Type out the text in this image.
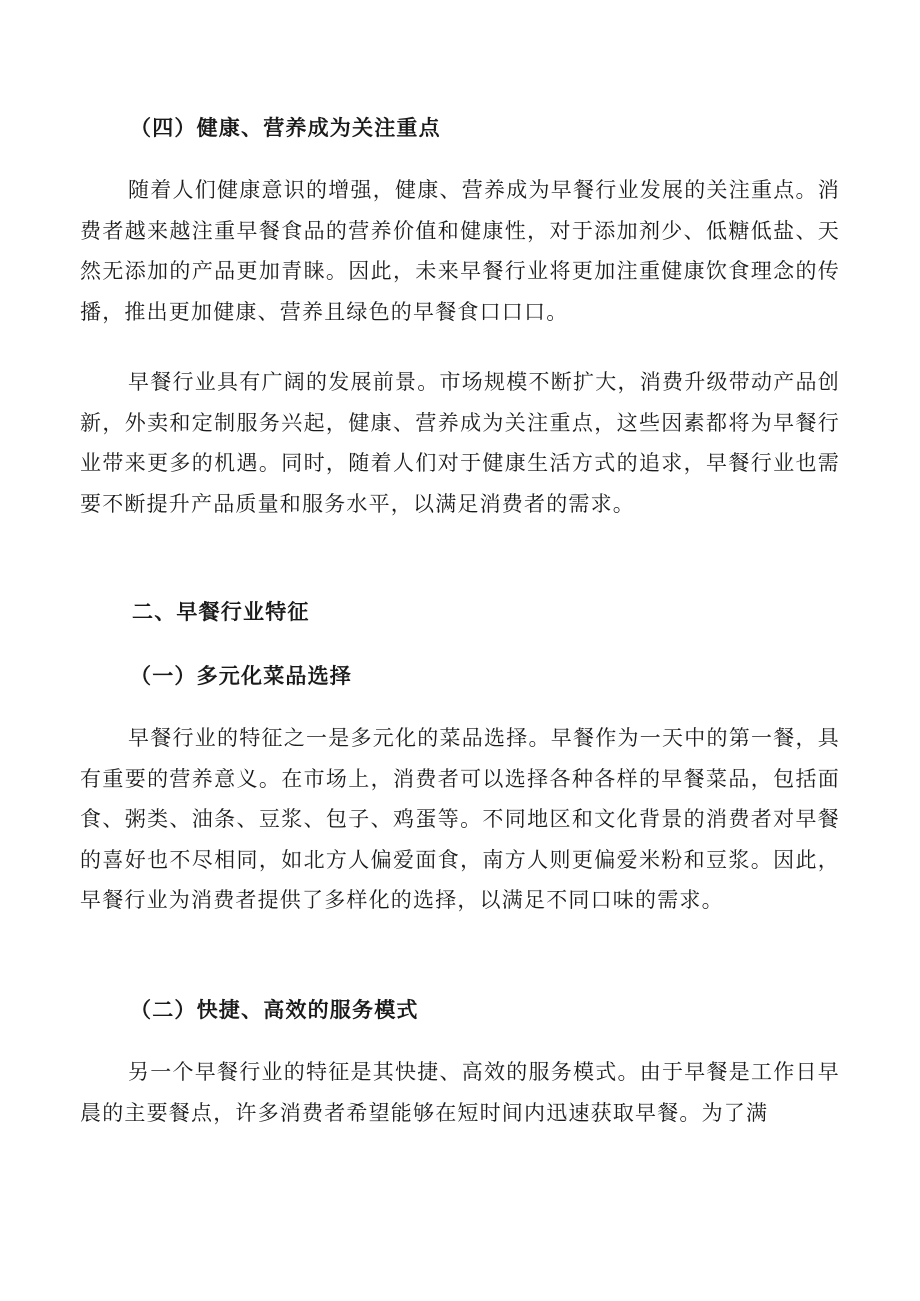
（四）健康、营养成为关注重点

随着人们健康意识的增强，健康、营养成为早餐行业发展的关注重点。消费者越来越注重早餐食品的营养价值和健康性，对于添加剂少、低糖低盐、天然无添加的产品更加青睐。因此，未来早餐行业将更加注重健康饮食理念的传播，推出更加健康、营养且绿色的早餐食口口口。

早餐行业具有广阔的发展前景。市场规模不断扩大，消费升级带动产品创新，外卖和定制服务兴起，健康、营养成为关注重点，这些因素都将为早餐行业带来更多的机遇。同时，随着人们对于健康生活方式的追求，早餐行业也需要不断提升产品质量和服务水平，以满足消费者的需求。

二、早餐行业特征
（一）多元化菜品选择

早餐行业的特征之一是多元化的菜品选择。早餐作为一天中的第一餐，具有重要的营养意义。在市场上，消费者可以选择各种各样的早餐菜品，包括面食、粥类、油条、豆浆、包子、鸡蛋等。不同地区和文化背景的消费者对早餐的喜好也不尽相同，如北方人偏爱面食，南方人则更偏爱米粉和豆浆。因此，早餐行业为消费者提供了多样化的选择，以满足不同口味的需求。

（二）快捷、高效的服务模式

另一个早餐行业的特征是其快捷、高效的服务模式。由于早餐是工作日早晨的主要餐点，许多消费者希望能够在短时间内迅速获取早餐。为了满
